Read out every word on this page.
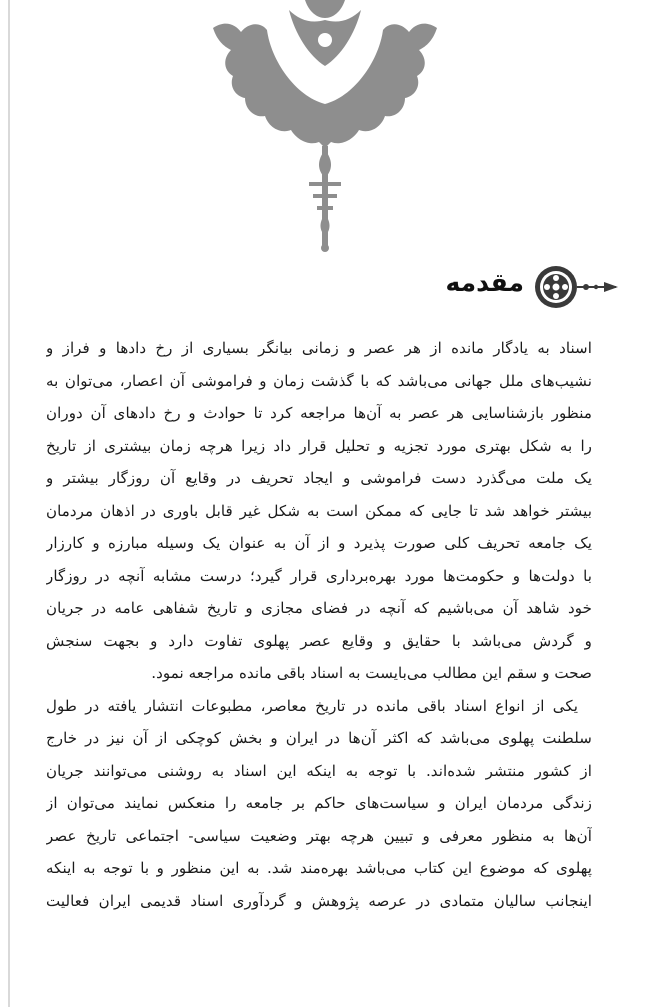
مقدمه
اسناد به یادگار مانده از هر عصر و زمانی بیانگر بسیاری از رخ دادها و فراز و
نشیب‌های ملل جهانی می‌باشد که با گذشت زمان و فراموشی آن اعصار، می‌توان به
منظور بازشناسایی هر عصر به آن‌ها مراجعه کرد تا حوادث و رخ دادهای آن دوران
را به شکل بهتری مورد تجزیه و تحلیل قرار داد زیرا هرچه زمان بیشتری از تاریخ
یک ملت می‌گذرد دست فراموشی و ایجاد تحریف در وقایع آن روزگار بیشتر و
بیشتر خواهد شد تا جایی که ممکن است به شکل غیر قابل باوری در اذهان مردمان
یک جامعه تحریف کلی صورت پذیرد و از آن به عنوان یک وسیله مبارزه و کارزار
با دولت‌ها و حکومت‌ها مورد بهره‌برداری قرار گیرد؛ درست مشابه آنچه در روزگار
خود شاهد آن می‌باشیم که آنچه در فضای مجازی و تاریخ شفاهی عامه در جریان
و گردش می‌باشد با حقایق و وقایع عصر پهلوی تفاوت دارد و بجهت سنجش
صحت و سقم این مطالب می‌بایست به اسناد باقی مانده مراجعه نمود.
یکی از انواع اسناد باقی مانده در تاریخ معاصر، مطبوعات انتشار یافته در طول
سلطنت پهلوی می‌باشد که اکثر آن‌ها در ایران و بخش کوچکی از آن نیز در خارج
از کشور منتشر شده‌اند. با توجه به اینکه این اسناد به روشنی می‌توانند جریان
زندگی مردمان ایران و سیاست‌های حاکم بر جامعه را منعکس نمایند می‌توان از
آن‌ها به منظور معرفی و تبیین هرچه بهتر وضعیت سیاسی- اجتماعی تاریخ عصر
پهلوی که موضوع این کتاب می‌باشد بهره‌مند شد. به این منظور و با توجه به اینکه
اینجانب سالیان متمادی در عرصه پژوهش و گردآوری اسناد قدیمی ایران فعالیت
